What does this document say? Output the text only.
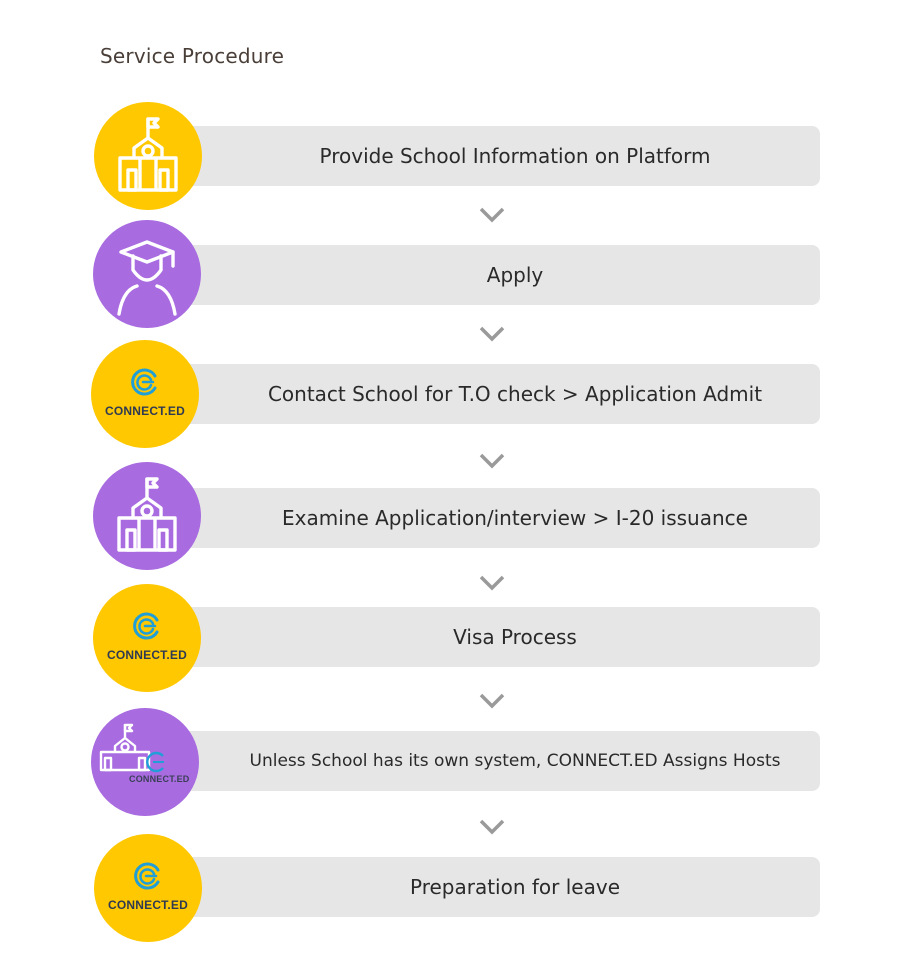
Service Procedure
Provide School Information on Platform
Apply
Contact School for T.O check > Application Admit
CONNECT.ED
Examine Application/interview > I-20 issuance
Visa Process
CONNECT.ED
Unless School has its own system, CONNECT.ED Assigns Hosts
CONNECT.ED
Preparation for leave
CONNECT.ED
